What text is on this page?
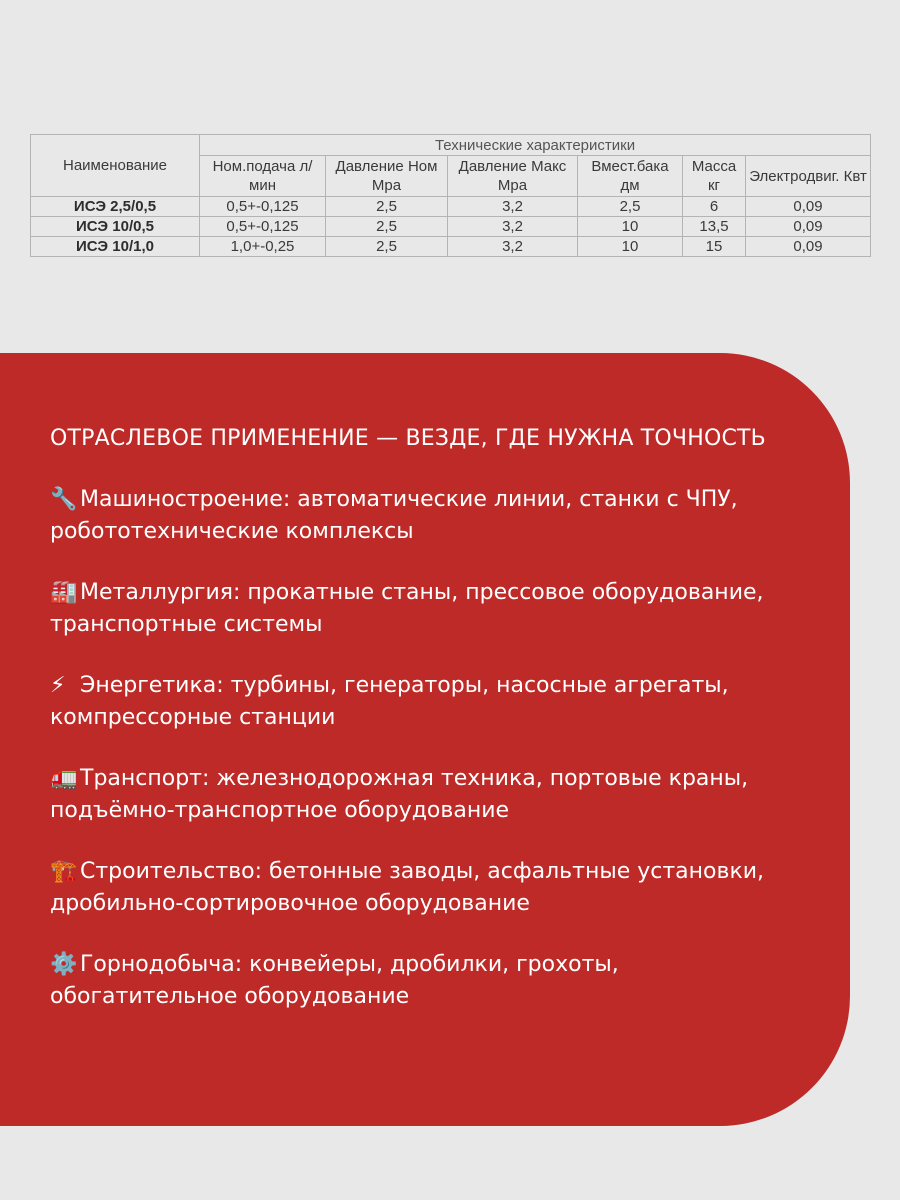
Наименование	Технические характеристики					
	Ном.подача л/ мин	Давление Ном Мра	Давление Макс Мра	Вмест.бака дм	Масса кг	Электродвиг. Квт
ИСЭ 2,5/0,5	0,5+-0,125	2,5	3,2	2,5	6	0,09
ИСЭ 10/0,5	0,5+-0,125	2,5	3,2	10	13,5	0,09
ИСЭ 10/1,0	1,0+-0,25	2,5	3,2	10	15	0,09
ОТРАСЛЕВОЕ ПРИМЕНЕНИЕ — ВЕЗДЕ, ГДЕ НУЖНА ТОЧНОСТЬ

🔧 Машиностроение: автоматические линии, станки с ЧПУ, робототехнические комплексы

🏭 Металлургия: прокатные станы, прессовое оборудование, транспортные системы

⚡ Энергетика: турбины, генераторы, насосные агрегаты, компрессорные станции

🚛 Транспорт: железнодорожная техника, портовые краны, подъёмно-транспортное оборудование

🏗️ Строительство: бетонные заводы, асфальтные установки, дробильно-сортировочное оборудование

⚙️ Горнодобыча: конвейеры, дробилки, грохоты, обогатительное оборудование
